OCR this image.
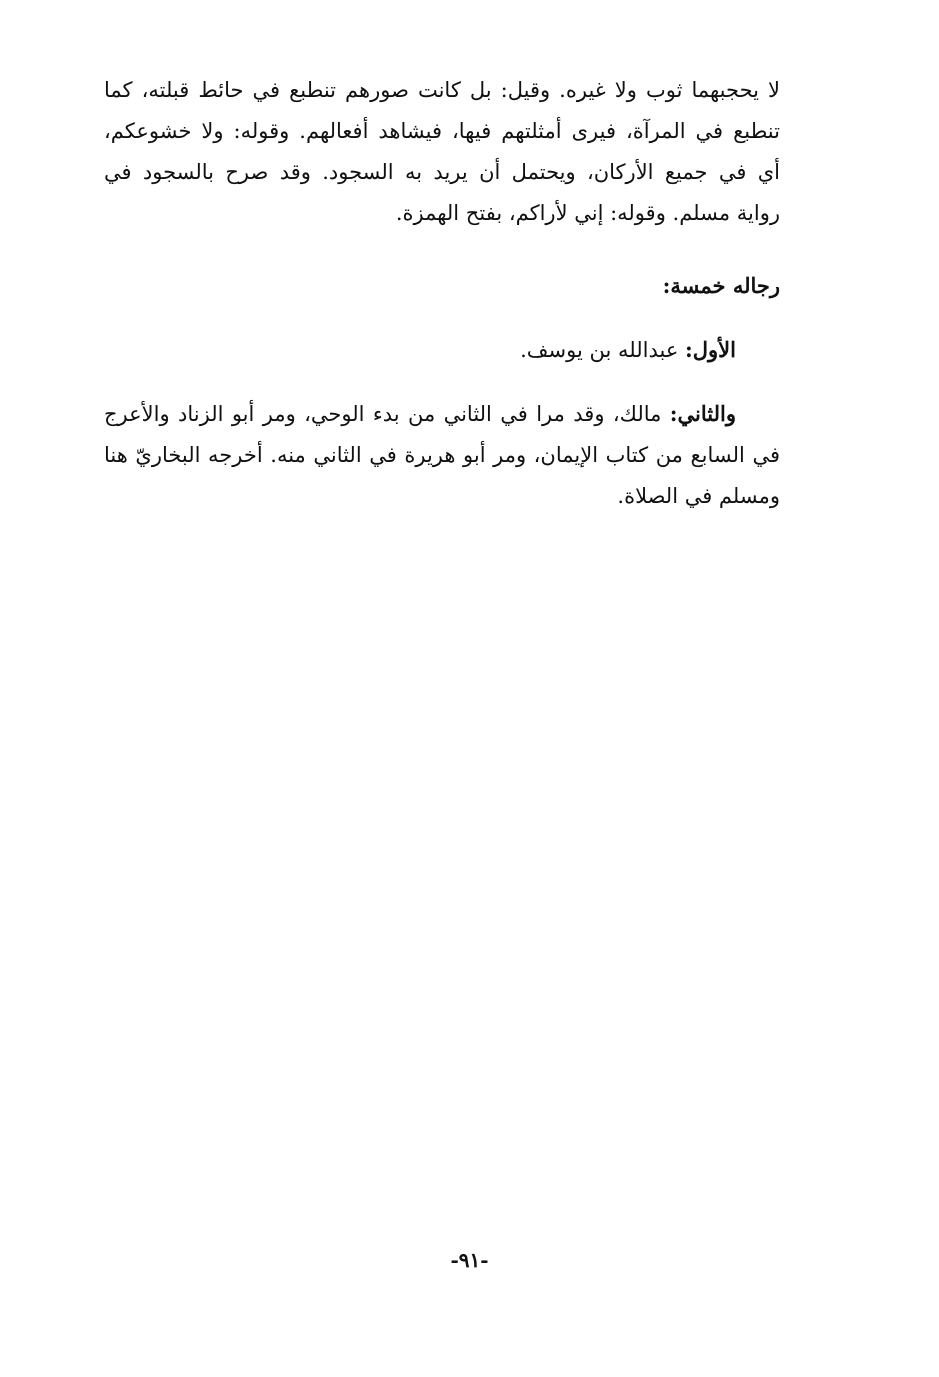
لا يحجبهما ثوب ولا غيره. وقيل: بل كانت صورهم تنطبع في حائط قبلته، كما
تنطبع في المرآة، فيرى أمثلتهم فيها، فيشاهد أفعالهم. وقوله: ولا خشوعكم،
أي في جميع الأركان، ويحتمل أن يريد به السجود. وقد صرح بالسجود في
رواية مسلم. وقوله: إني لأراكم، بفتح الهمزة.
رجاله خمسة:
الأول: عبدالله بن يوسف.
والثاني: مالك، وقد مرا في الثاني من بدء الوحي، ومر أبو الزناد والأعرج
في السابع من كتاب الإيمان، ومر أبو هريرة في الثاني منه. أخرجه البخاريّ هنا
ومسلم في الصلاة.
-٩١-
